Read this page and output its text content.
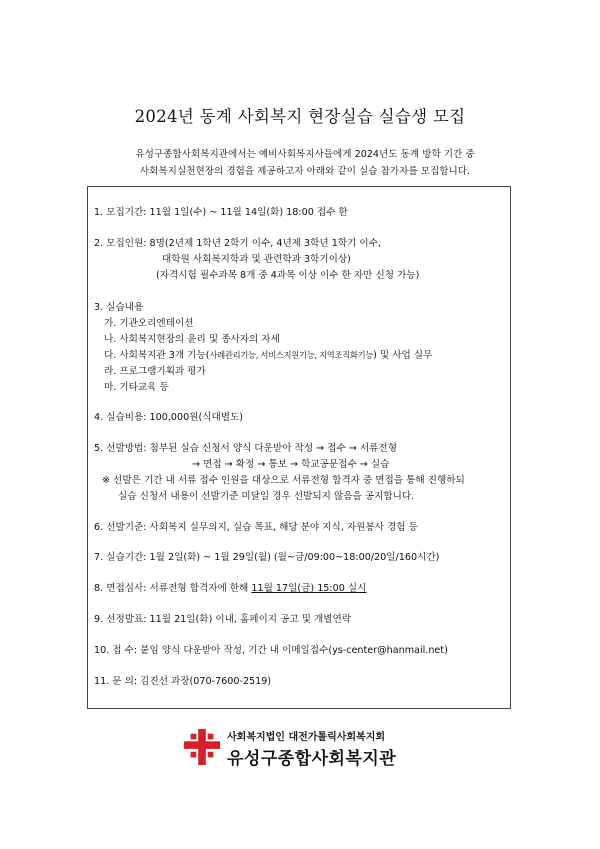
2024년 동계 사회복지 현장실습 실습생 모집
유성구종합사회복지관에서는 예비사회복지사들에게 2024년도 동계 방학 기간 중
사회복지실천현장의 경험을 제공하고자 아래와 같이 실습 참가자를 모집합니다.
1. 모집기간: 11월 1일(수) ~ 11월 14일(화) 18:00 접수 한
2. 모집인원: 8명(2년제 1학년 2학기 이수, 4년제 3학년 1학기 이수,
대학원 사회복지학과 및 관련학과 3학기이상)
(자격시험 필수과목 8개 중 4과목 이상 이수 한 자만 신청 가능)
3. 실습내용
가. 기관오리엔테이션
나. 사회복지현장의 윤리 및 종사자의 자세
다. 사회복지관 3개 기능(사례관리기능, 서비스지원기능, 지역조직화기능) 및 사업 실무
라. 프로그램기획과 평가
마. 기타교육 등
4. 실습비용: 100,000원(식대별도)
5. 선발방법: 첨부된 실습 신청서 양식 다운받아 작성 → 접수 → 서류전형
→ 면접 → 확정 → 통보 → 학교공문접수 → 실습
※ 선발은 기간 내 서류 접수 인원을 대상으로 서류전형 합격자 중 면접을 통해 진행하되
실습 신청서 내용이 선발기준 미달일 경우 선발되지 않음을 공지합니다.
6. 선발기준: 사회복지 실무의지, 실습 목표, 해당 분야 지식, 자원봉사 경험 등
7. 실습기간: 1월 2일(화) ~ 1월 29일(월) (월~금/09:00~18:00/20일/160시간)
8. 면접심사: 서류전형 합격자에 한해 11월 17일(금) 15:00 실시
9. 선정발표: 11월 21일(화) 이내, 홈페이지 공고 및 개별연락
10. 접 수: 붙임 양식 다운받아 작성, 기간 내 이메일접수(ys-center@hanmail.net)
11. 문 의: 김진선 과장(070-7600-2519)
사회복지법인 대전가톨릭사회복지회
유성구종합사회복지관
